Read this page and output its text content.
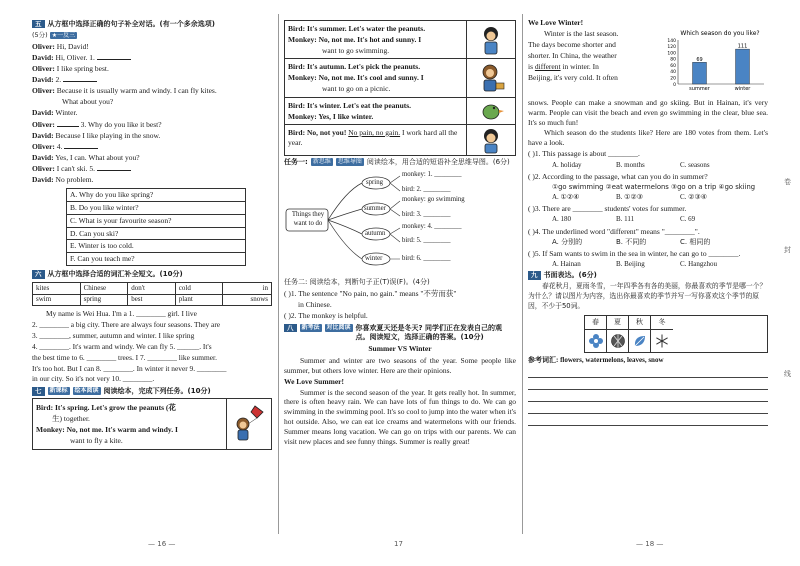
五 从方框中选择正确的句子补全对话。(有一个多余选项)
(5分) ★一反三
Oliver: Hi, David!
David: Hi, Oliver. 1.
Oliver: I like spring best.
David: 2.
Oliver: Because it is usually warm and windy. I can fly kites.
What about you?
David: Winter.
Oliver:	3. Why do you like it best?
David: Because I like playing in the snow.
Oliver: 4.
David: Yes, I can. What about you?
Oliver: I can't ski. 5.
David: No problem.
A. Why do you like spring?
B. Do you like winter?
C. What is your favourite season?
D. Can you ski?
E. Winter is too cold.
F. Can you teach me?
六 从方框中选择合适的词汇补全短文。(10分)
kites	Chinese	don't	cold	in
swim	spring	best	plant	snows
My name is Wei Hua. I'm a 1. ________ girl. I live
2. ________ a big city. There are always four seasons. They are
3. ________, summer, autumn and winter. I like spring
4. ________. It's warm and windy. We can fly 5. ______. It's
the best time to 6. ________ trees. I 7. ________ like summer.
It's too hot. But I can 8. ________. In winter it never 9. ________
in our city. So it's not very 10. ________.
七	新课标	绘本阅读 阅读绘本，完成下列任务。(10分)
Bird: It's spring. Let's grow the peanuts (花
生) together.
Monkey: No, not me. It's warm and windy. I
want to fly a kite.
— 16 —
Bird: It's summer. Let's water the peanuts.
Monkey: No, not me. It's hot and sunny. I
want to go swimming.
Bird: It's autumn. Let's pick the peanuts.
Monkey: No, not me. It's cool and sunny. I
want to go on a picnic.
Bird: It's winter. Let's eat the peanuts.
Monkey: Yes, I like winter.
Bird: No, not you! No pain, no gain. I work hard all the year.
任务一: 新思维	思维导图 阅读绘本，用合适的短语补全思维导图。(6分)
Things they want to do
spring
summer
autumn
winter
monkey: 1. ________
bird: 2. ________
monkey: go swimming
bird: 3. ________
monkey: 4. ________
bird: 5. ________
bird: 6. ________
任务二: 阅读绘本，判断句子正(T)误(F)。(4分)
( )1. The sentence "No pain, no gain." means "不劳而获"
in Chinese.
( )2. The monkey is helpful.
八	新考法	对比阅读 你喜欢夏天还是冬天? 同学们正在发表自己的观点。阅读短文，选择正确的答案。(10分)
Summer VS Winter
Summer and winter are two seasons of the year. Some people like summer, but others love winter. Here are their opinions.
We Love Summer!
Summer is the second season of the year. It gets really hot. In summer, there is often heavy rain. We can have lots of fun things to do. We can go swimming in the swimming pool. It's so cool to jump into the water when it's hot outside. Also, we can eat ice creams and watermelons with our friends. Summer means long vacation. We can go on trips with our parents. We can visit new places and see funny things. Summer is really great!
17
We Love Winter!
Winter is the last season.
The days become shorter and
shorter. In China, the weather
is different in winter. In
Beijing, it's very cold. It often
Which season do you like?
140
120
100
80
60
40
20
0
69
summer
111
winter
snows. People can make a snowman and go skiing. But in Hainan, it's very warm. People can visit the beach and even go swimming in the clear, blue sea. It's so much fun!
Which season do the students like? Here are 180 votes from them. Let's have a look.
( )1. This passage is about ________.
A. holiday	B. months	C. seasons
( )2. According to the passage, what can you do in summer?
①go swimming ②eat watermelons ③go on a trip ④go skiing
A. ①②④	B. ①②③	C. ②③④
( )3. There are ________ students' votes for summer.
A. 180	B. 111	C. 69
( )4. The underlined word "different" means "________".
A. 分别的	B. 不同的	C. 相同的
( )5. If Sam wants to swim in the sea in winter, he can go to ________.
A. Hainan	B. Beijing	C. Hangzhou
九 书面表达。(6分)
春花秋月，夏雨冬雪，一年四季各有各的美丽，你最喜欢的季节是哪一个？为什么？请以图片为内容，选出你最喜欢的季节并写一写你喜欢这个季节的原因，不少于50词。
春	夏	秋	冬
参考词汇: flowers, watermelons, leaves, snow
— 18 —
卷
封
线
